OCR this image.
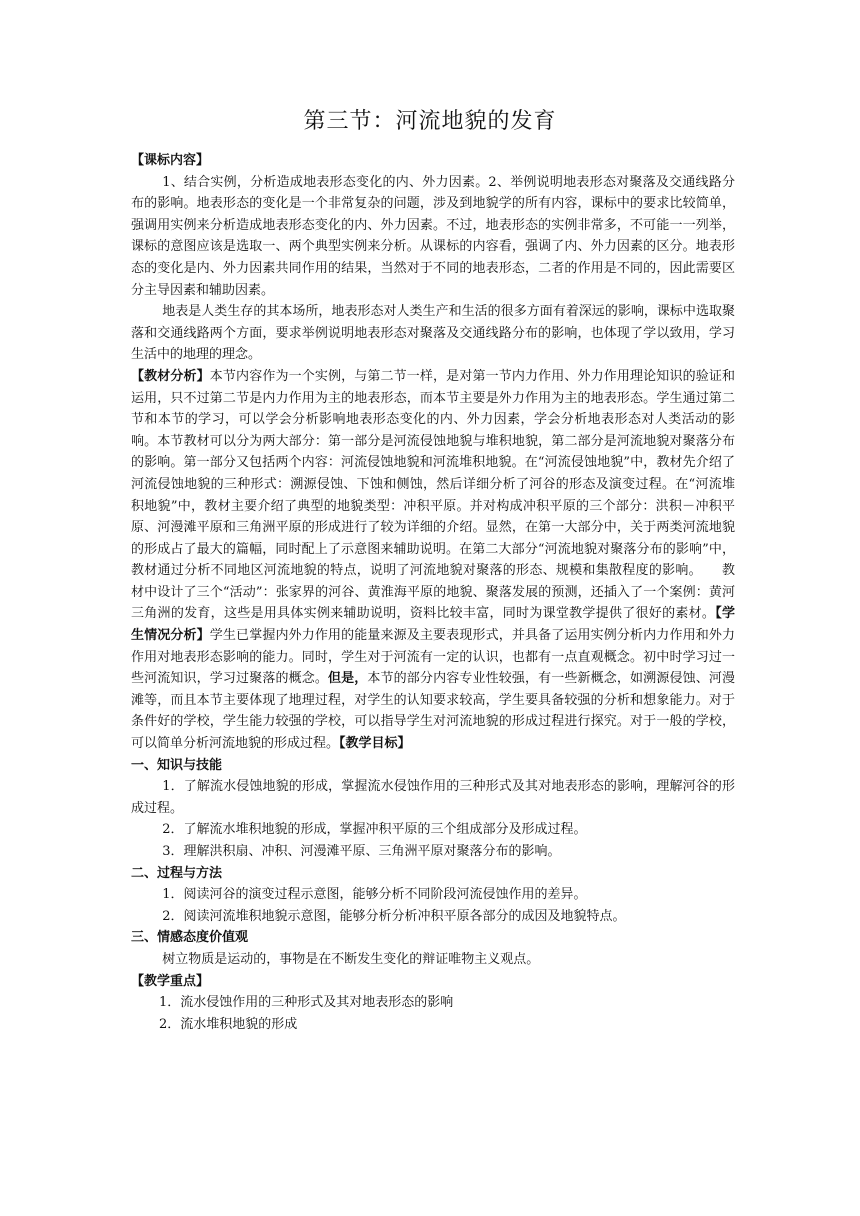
第三节：河流地貌的发育

【课标内容】

1、结合实例，分析造成地表形态变化的内、外力因素。2、举例说明地表形态对聚落及交通线路分布的影响。地表形态的变化是一个非常复杂的问题，涉及到地貌学的所有内容，课标中的要求比较简单，强调用实例来分析造成地表形态变化的内、外力因素。不过，地表形态的实例非常多，不可能一一列举，课标的意图应该是选取一、两个典型实例来分析。从课标的内容看，强调了内、外力因素的区分。地表形态的变化是内、外力因素共同作用的结果，当然对于不同的地表形态，二者的作用是不同的，因此需要区分主导因素和辅助因素。

地表是人类生存的其本场所，地表形态对人类生产和生活的很多方面有着深远的影响，课标中选取聚落和交通线路两个方面，要求举例说明地表形态对聚落及交通线路分布的影响，也体现了学以致用，学习生活中的地理的理念。

【教材分析】本节内容作为一个实例，与第二节一样，是对第一节内力作用、外力作用理论知识的验证和运用，只不过第二节是内力作用为主的地表形态，而本节主要是外力作用为主的地表形态。学生通过第二节和本节的学习，可以学会分析影响地表形态变化的内、外力因素，学会分析地表形态对人类活动的影响。本节教材可以分为两大部分：第一部分是河流侵蚀地貌与堆积地貌，第二部分是河流地貌对聚落分布的影响。第一部分又包括两个内容：河流侵蚀地貌和河流堆积地貌。在“河流侵蚀地貌”中，教材先介绍了河流侵蚀地貌的三种形式：溯源侵蚀、下蚀和侧蚀，然后详细分析了河谷的形态及演变过程。在“河流堆积地貌”中，教材主要介绍了典型的地貌类型：冲积平原。并对构成冲积平原的三个部分：洪积－冲积平原、河漫滩平原和三角洲平原的形成进行了较为详细的介绍。显然，在第一大部分中，关于两类河流地貌的形成占了最大的篇幅，同时配上了示意图来辅助说明。在第二大部分“河流地貌对聚落分布的影响”中，教材通过分析不同地区河流地貌的特点，说明了河流地貌对聚落的形态、规模和集散程度的影响。　　教材中设计了三个“活动”：张家界的河谷、黄淮海平原的地貌、聚落发展的预测，还插入了一个案例：黄河三角洲的发育，这些是用具体实例来辅助说明，资料比较丰富，同时为课堂教学提供了很好的素材。【学生情况分析】学生已掌握内外力作用的能量来源及主要表现形式，并具备了运用实例分析内力作用和外力作用对地表形态影响的能力。同时，学生对于河流有一定的认识，也都有一点直观概念。初中时学习过一些河流知识，学习过聚落的概念。但是，本节的部分内容专业性较强，有一些新概念，如溯源侵蚀、河漫滩等，而且本节主要体现了地理过程，对学生的认知要求较高，学生要具备较强的分析和想象能力。对于条件好的学校，学生能力较强的学校，可以指导学生对河流地貌的形成过程进行探究。对于一般的学校，可以简单分析河流地貌的形成过程。【教学目标】

一、知识与技能

1．了解流水侵蚀地貌的形成，掌握流水侵蚀作用的三种形式及其对地表形态的影响，理解河谷的形成过程。

2．了解流水堆积地貌的形成，掌握冲积平原的三个组成部分及形成过程。

3．理解洪积扇、冲积、河漫滩平原、三角洲平原对聚落分布的影响。

二、过程与方法

1．阅读河谷的演变过程示意图，能够分析不同阶段河流侵蚀作用的差异。

2．阅读河流堆积地貌示意图，能够分析分析冲积平原各部分的成因及地貌特点。

三、情感态度价值观

树立物质是运动的，事物是在不断发生变化的辩证唯物主义观点。

【教学重点】

1．流水侵蚀作用的三种形式及其对地表形态的影响

2．流水堆积地貌的形成
